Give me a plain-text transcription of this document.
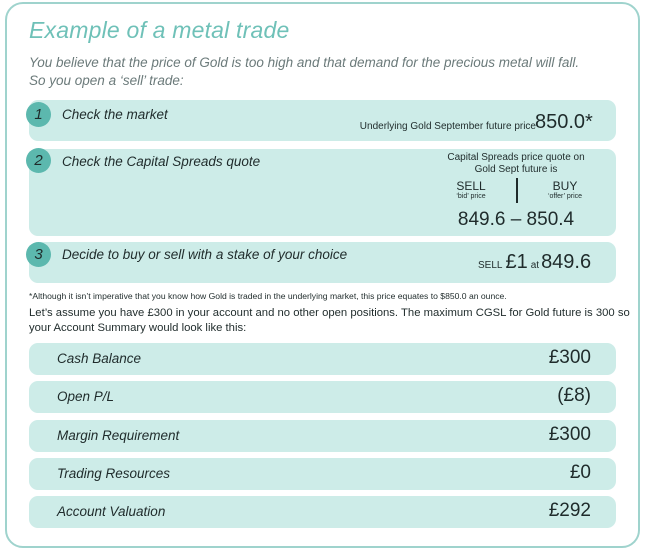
Example of a metal trade
You believe that the price of Gold is too high and that demand for the precious metal will fall.
So you open a ‘sell’ trade:
1	Check the market
Underlying Gold September future price 850.0*
2	Check the Capital Spreads quote	Capital Spreads price quote on
Gold Sept future is
SELL
‘bid’ price
BUY
‘offer’ price
849.6 – 850.4
3	Decide to buy or sell with a stake of your choice
SELL £1 at 849.6
*Although it isn’t imperative that you know how Gold is traded in the underlying market, this price equates to $850.0 an ounce.
Let’s assume you have £300 in your account and no other open positions. The maximum CGSL for Gold future is 300 so
your Account Summary would look like this:
Cash Balance	£300
Open P/L	(£8)
Margin Requirement	£300
Trading Resources	£0
Account Valuation	£292
